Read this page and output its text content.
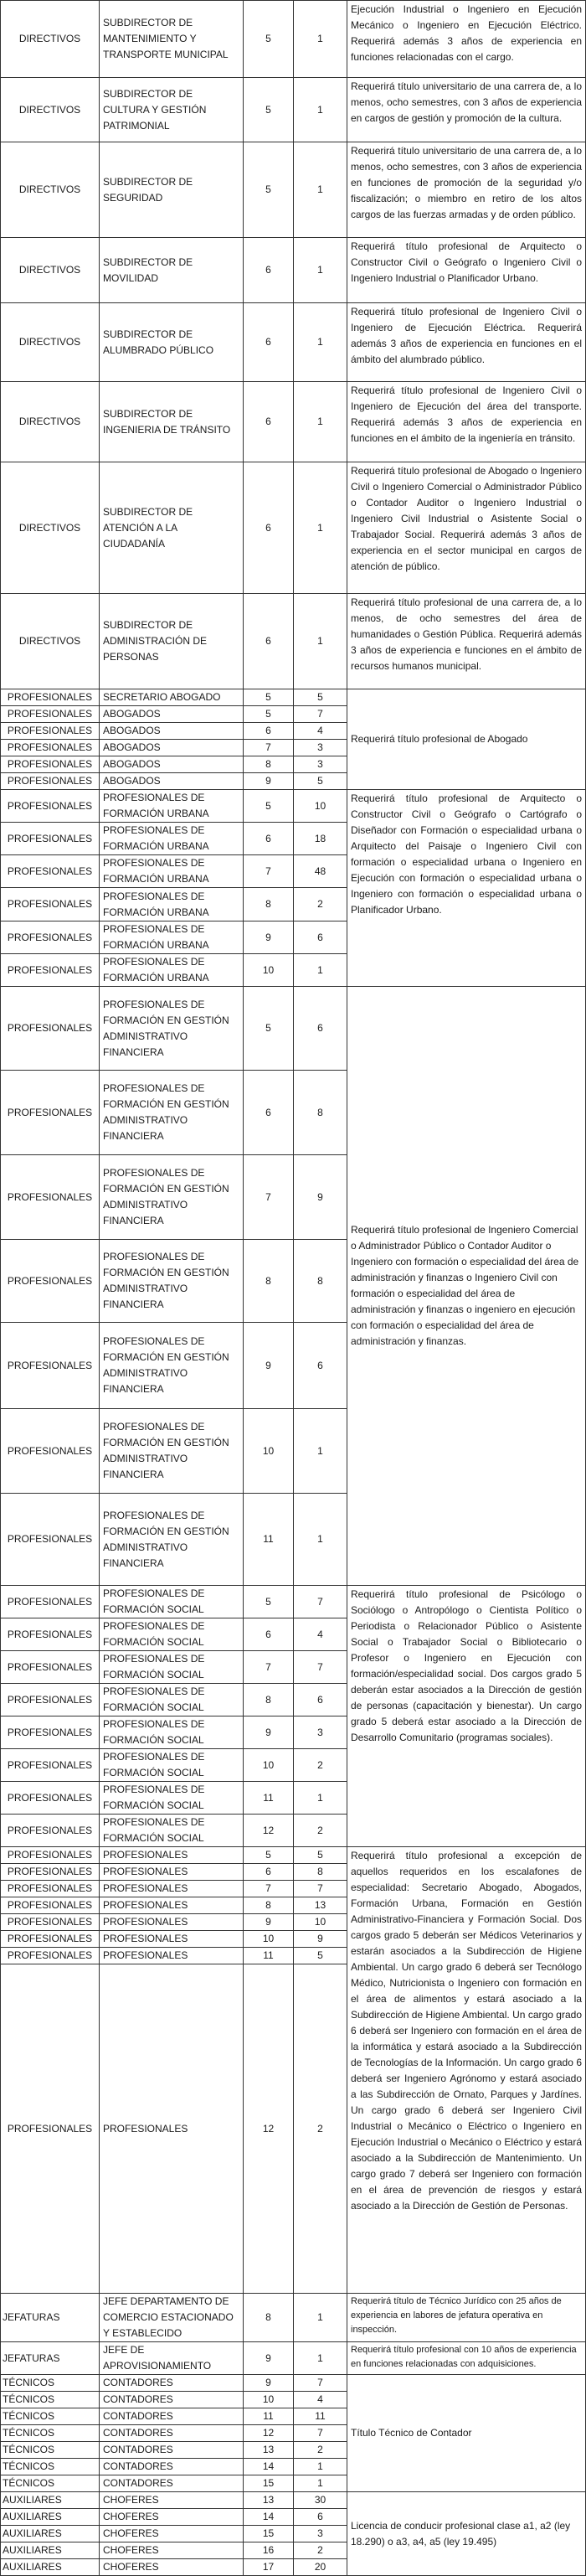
DIRECTIVOS	SUBDIRECTOR DE MANTENIMIENTO Y TRANSPORTE MUNICIPAL	5	1	Ejecución Industrial o Ingeniero en Ejecución Mecánico o Ingeniero en Ejecución Eléctrico. Requerirá además 3 años de experiencia en funciones relacionadas con el cargo.
DIRECTIVOS	SUBDIRECTOR DE CULTURA Y GESTIÓN PATRIMONIAL	5	1	Requerirá título universitario de una carrera de, a lo menos, ocho semestres, con 3 años de experiencia en cargos de gestión y promoción de la cultura.
DIRECTIVOS	SUBDIRECTOR DE SEGURIDAD	5	1	Requerirá título universitario de una carrera de, a lo menos, ocho semestres, con 3 años de experiencia en funciones de promoción de la seguridad y/o fiscalización; o miembro en retiro de los altos cargos de las fuerzas armadas y de orden público.
DIRECTIVOS	SUBDIRECTOR DE MOVILIDAD	6	1	Requerirá título profesional de Arquitecto o Constructor Civil o Geógrafo o Ingeniero Civil o Ingeniero Industrial o Planificador Urbano.
DIRECTIVOS	SUBDIRECTOR DE ALUMBRADO PÚBLICO	6	1	Requerirá título profesional de Ingeniero Civil o Ingeniero de Ejecución Eléctrica. Requerirá además 3 años de experiencia en funciones en el ámbito del alumbrado público.
DIRECTIVOS	SUBDIRECTOR DE INGENIERIA DE TRÁNSITO	6	1	Requerirá título profesional de Ingeniero Civil o Ingeniero de Ejecución del área del transporte. Requerirá además 3 años de experiencia en funciones en el ámbito de la ingeniería en tránsito.
DIRECTIVOS	SUBDIRECTOR DE ATENCIÓN A LA CIUDADANÍA	6	1	Requerirá título profesional de Abogado o Ingeniero Civil o Ingeniero Comercial o Administrador Público o Contador Auditor o Ingeniero Industrial o Ingeniero Civil Industrial o Asistente Social o Trabajador Social. Requerirá además 3 años de experiencia en el sector municipal en cargos de atención de público.
DIRECTIVOS	SUBDIRECTOR DE ADMINISTRACIÓN DE PERSONAS	6	1	Requerirá título profesional de una carrera de, a lo menos, de ocho semestres del área de humanidades o Gestión Pública. Requerirá además 3 años de experiencia e funciones en el ámbito de recursos humanos municipal.
PROFESIONALES	SECRETARIO ABOGADO	5	5	Requerirá título profesional de Abogado
PROFESIONALES	ABOGADOS	5	7	
PROFESIONALES	ABOGADOS	6	4	
PROFESIONALES	ABOGADOS	7	3	
PROFESIONALES	ABOGADOS	8	3	
PROFESIONALES	ABOGADOS	9	5	
PROFESIONALES	PROFESIONALES DE FORMACIÓN URBANA	5	10	Requerirá título profesional de Arquitecto o Constructor Civil o Geógrafo o Cartógrafo o Diseñador con Formación o especialidad urbana o Arquitecto del Paisaje o Ingeniero Civil con formación o especialidad urbana o Ingeniero en Ejecución con formación o especialidad urbana o Ingeniero con formación o especialidad urbana o Planificador Urbano.
PROFESIONALES	PROFESIONALES DE FORMACIÓN URBANA	6	18	
PROFESIONALES	PROFESIONALES DE FORMACIÓN URBANA	7	48	
PROFESIONALES	PROFESIONALES DE FORMACIÓN URBANA	8	2	
PROFESIONALES	PROFESIONALES DE FORMACIÓN URBANA	9	6	
PROFESIONALES	PROFESIONALES DE FORMACIÓN URBANA	10	1	
PROFESIONALES	PROFESIONALES DE FORMACIÓN EN GESTIÓN ADMINISTRATIVO FINANCIERA	5	6	Requerirá título profesional de Ingeniero Comercial o Administrador Público o Contador Auditor o Ingeniero con formación o especialidad del área de administración y finanzas o Ingeniero Civil con formación o especialidad del área de administración y finanzas o ingeniero en ejecución con formación o especialidad del área de administración y finanzas.
PROFESIONALES	PROFESIONALES DE FORMACIÓN EN GESTIÓN ADMINISTRATIVO FINANCIERA	6	8	
PROFESIONALES	PROFESIONALES DE FORMACIÓN EN GESTIÓN ADMINISTRATIVO FINANCIERA	7	9	
PROFESIONALES	PROFESIONALES DE FORMACIÓN EN GESTIÓN ADMINISTRATIVO FINANCIERA	8	8	
PROFESIONALES	PROFESIONALES DE FORMACIÓN EN GESTIÓN ADMINISTRATIVO FINANCIERA	9	6	
PROFESIONALES	PROFESIONALES DE FORMACIÓN EN GESTIÓN ADMINISTRATIVO FINANCIERA	10	1	
PROFESIONALES	PROFESIONALES DE FORMACIÓN EN GESTIÓN ADMINISTRATIVO FINANCIERA	11	1	
PROFESIONALES	PROFESIONALES DE FORMACIÓN SOCIAL	5	7	Requerirá título profesional de Psicólogo o Sociólogo o Antropólogo o Cientista Político o Periodista o Relacionador Público o Asistente Social o Trabajador Social o Bibliotecario o Profesor o Ingeniero en Ejecución con formación/especialidad social. Dos cargos grado 5 deberán estar asociados a la Dirección de gestión de personas (capacitación y bienestar). Un cargo grado 5 deberá estar asociado a la Dirección de Desarrollo Comunitario (programas sociales).
PROFESIONALES	PROFESIONALES DE FORMACIÓN SOCIAL	6	4	
PROFESIONALES	PROFESIONALES DE FORMACIÓN SOCIAL	7	7	
PROFESIONALES	PROFESIONALES DE FORMACIÓN SOCIAL	8	6	
PROFESIONALES	PROFESIONALES DE FORMACIÓN SOCIAL	9	3	
PROFESIONALES	PROFESIONALES DE FORMACIÓN SOCIAL	10	2	
PROFESIONALES	PROFESIONALES DE FORMACIÓN SOCIAL	11	1	
PROFESIONALES	PROFESIONALES DE FORMACIÓN SOCIAL	12	2	
PROFESIONALES	PROFESIONALES	5	5	Requerirá título profesional a excepción de aquellos requeridos en los escalafones de especialidad: Secretario Abogado, Abogados, Formación Urbana, Formación en Gestión Administrativo-Financiera y Formación Social. Dos cargos grado 5 deberán ser Médicos Veterinarios y estarán asociados a la Subdirección de Higiene Ambiental. Un cargo grado 6 deberá ser Tecnólogo Médico, Nutricionista o Ingeniero con formación en el área de alimentos y estará asociado a la Subdirección de Higiene Ambiental. Un cargo grado 6 deberá ser Ingeniero con formación en el área de la informática y estará asociado a la Subdirección de Tecnologías de la Información. Un cargo grado 6 deberá ser Ingeniero Agrónomo y estará asociado a las Subdirección de Ornato, Parques y Jardínes. Un cargo grado 6 deberá ser Ingeniero Civil Industrial o Mecánico o Eléctrico o Ingeniero en Ejecución Industrial o Mecánico o Eléctrico y estará asociado a la Subdirección de Mantenimiento. Un cargo grado 7 deberá ser Ingeniero con formación en el área de prevención de riesgos y estará asociado a la Dirección de Gestión de Personas.
PROFESIONALES	PROFESIONALES	6	8	
PROFESIONALES	PROFESIONALES	7	7	
PROFESIONALES	PROFESIONALES	8	13	
PROFESIONALES	PROFESIONALES	9	10	
PROFESIONALES	PROFESIONALES	10	9	
PROFESIONALES	PROFESIONALES	11	5	
PROFESIONALES	PROFESIONALES	12	2	
JEFATURAS	JEFE DEPARTAMENTO DE COMERCIO ESTACIONADO Y ESTABLECIDO	8	1	Requerirá título de Técnico Jurídico con 25 años de experiencia en labores de jefatura operativa en inspección.
JEFATURAS	JEFE DE APROVISIONAMIENTO	9	1	Requerirá título profesional con 10 años de experiencia en funciones relacionadas con adquisiciones.
TÉCNICOS	CONTADORES	9	7	Título Técnico de Contador
TÉCNICOS	CONTADORES	10	4	
TÉCNICOS	CONTADORES	11	11	
TÉCNICOS	CONTADORES	12	7	
TÉCNICOS	CONTADORES	13	2	
TÉCNICOS	CONTADORES	14	1	
TÉCNICOS	CONTADORES	15	1	
AUXILIARES	CHOFERES	13	30	Licencia de conducir profesional clase a1, a2 (ley 18.290) o a3, a4, a5 (ley 19.495)
AUXILIARES	CHOFERES	14	6	
AUXILIARES	CHOFERES	15	3	
AUXILIARES	CHOFERES	16	2	
AUXILIARES	CHOFERES	17	20	
